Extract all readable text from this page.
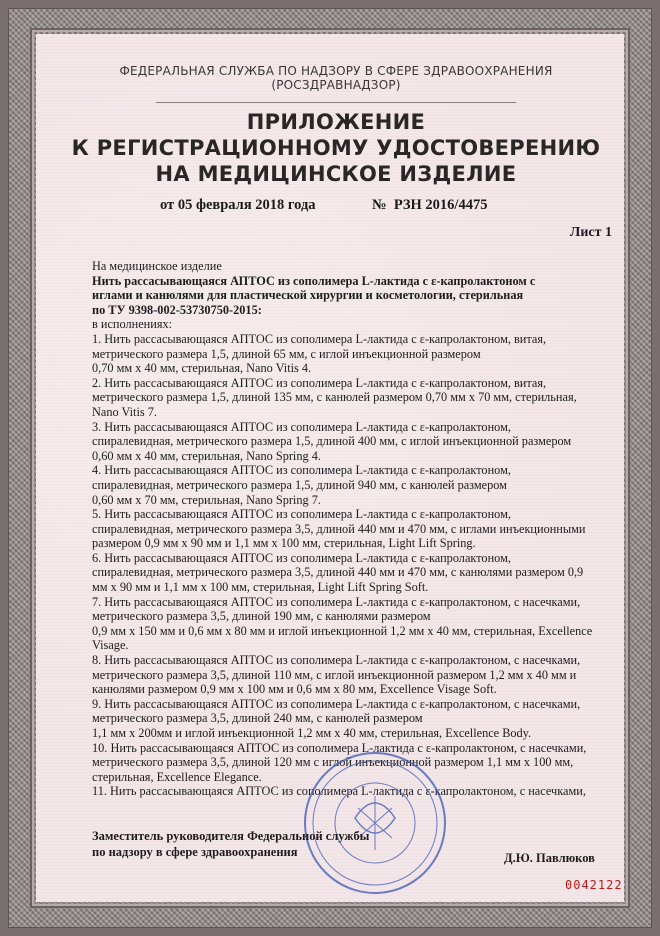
ФЕДЕРАЛЬНАЯ СЛУЖБА ПО НАДЗОРУ В СФЕРЕ ЗДРАВООХРАНЕНИЯ
(РОСЗДРАВНАДЗОР)
ПРИЛОЖЕНИЕ
К РЕГИСТРАЦИОННОМУ УДОСТОВЕРЕНИЮ
НА МЕДИЦИНСКОЕ ИЗДЕЛИЕ
от 05 февраля 2018 года	№ РЗН 2016/4475
Лист 1

На медицинское изделие

Нить рассасывающаяся АПТОС из сополимера L-лактида с ε-капролактоном с

иглами и канюлями для пластической хирургии и косметологии, стерильная

по ТУ 9398-002-53730750-2015:

в исполнениях:

1. Нить рассасывающаяся АПТОС из сополимера L-лактида с ε-капролактоном, витая,

метрического размера 1,5, длиной 65 мм, с иглой инъекционной размером

0,70 мм х 40 мм, стерильная, Nano Vitis 4.

2. Нить рассасывающаяся АПТОС из сополимера L-лактида с ε-капролактоном, витая,

метрического размера 1,5, длиной 135 мм, с канюлей размером 0,70 мм х 70 мм, стерильная,

Nano Vitis 7.

3. Нить рассасывающаяся АПТОС из сополимера L-лактида с ε-капролактоном,

спиралевидная, метрического размера 1,5, длиной 400 мм, с иглой инъекционной размером

0,60 мм х 40 мм, стерильная, Nano Spring 4.

4. Нить рассасывающаяся АПТОС из сополимера L-лактида с ε-капролактоном,

спиралевидная, метрического размера 1,5, длиной 940 мм, с канюлей размером

0,60 мм х 70 мм, стерильная, Nano Spring 7.

5. Нить рассасывающаяся АПТОС из сополимера L-лактида с ε-капролактоном,

спиралевидная, метрического размера 3,5, длиной 440 мм и 470 мм, с иглами инъекционными

размером 0,9 мм х 90 мм и 1,1 мм х 100 мм, стерильная, Light Lift Spring.

6. Нить рассасывающаяся АПТОС из сополимера L-лактида с ε-капролактоном,

спиралевидная, метрического размера 3,5, длиной 440 мм и 470 мм, с канюлями размером 0,9

мм х 90 мм и 1,1 мм х 100 мм, стерильная, Light Lift Spring Soft.

7. Нить рассасывающаяся АПТОС из сополимера L-лактида с ε-капролактоном, с насечками,

метрического размера 3,5, длиной 190 мм, с канюлями размером

0,9 мм х 150 мм и 0,6 мм х 80 мм и иглой инъекционной 1,2 мм х 40 мм, стерильная, Excellence

Visage.

8. Нить рассасывающаяся АПТОС из сополимера L-лактида с ε-капролактоном, с насечками,

метрического размера 3,5, длиной 110 мм, с иглой инъекционной размером 1,2 мм х 40 мм и

канюлями размером 0,9 мм х 100 мм и 0,6 мм х 80 мм, Excellence Visage Soft.

9. Нить рассасывающаяся АПТОС из сополимера L-лактида с ε-капролактоном, с насечками,

метрического размера 3,5, длиной 240 мм, с канюлей размером

1,1 мм х 200мм и иглой инъекционной 1,2 мм х 40 мм, стерильная, Excellence Body.

10. Нить рассасывающаяся АПТОС из сополимера L-лактида с ε-капролактоном, с насечками,

метрического размера 3,5, длиной 120 мм с иглой инъекционной размером 1,1 мм х 100 мм,

стерильная, Excellence Elegance.

11. Нить рассасывающаяся АПТОС из сополимера L-лактида с ε-капролактоном, с насечками,

Заместитель руководителя Федеральной службы
по надзору в сфере здравоохранения	Д.Ю. Павлюков
0042122
